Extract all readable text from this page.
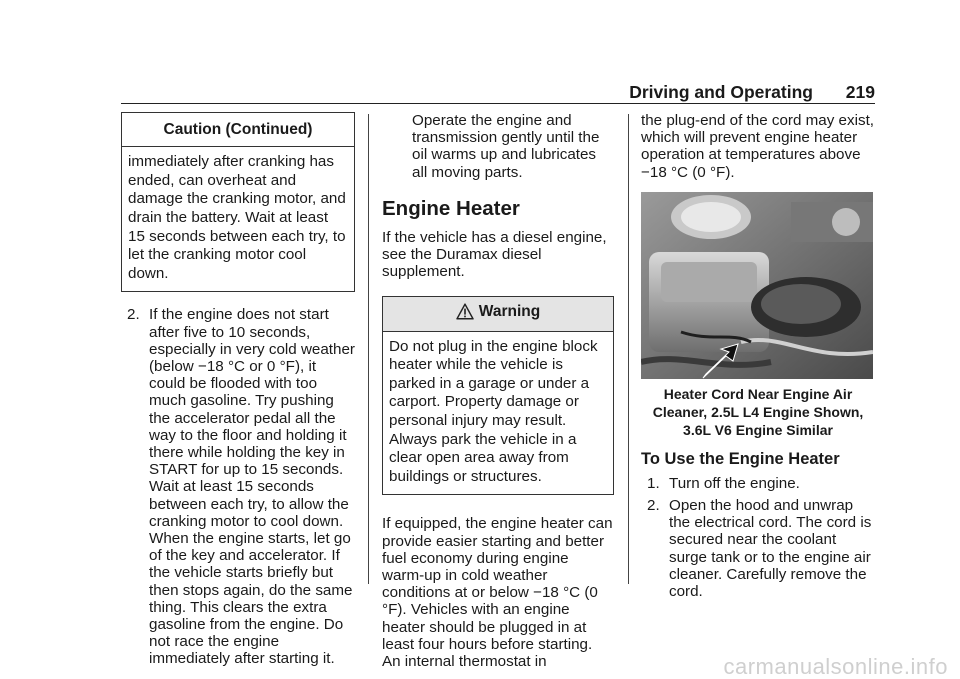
Driving and Operating 219
Caution (Continued)
immediately after cranking has ended, can overheat and damage the cranking motor, and drain the battery. Wait at least 15 seconds between each try, to let the cranking motor cool down.
2. If the engine does not start after five to 10 seconds, especially in very cold weather (below −18 °C or 0 °F), it could be flooded with too much gasoline. Try pushing the accelerator pedal all the way to the floor and holding it there while holding the key in START for up to 15 seconds. Wait at least 15 seconds between each try, to allow the cranking motor to cool down. When the engine starts, let go of the key and accelerator. If the vehicle starts briefly but then stops again, do the same thing. This clears the extra gasoline from the engine. Do not race the engine immediately after starting it.

Operate the engine and transmission gently until the oil warms up and lubricates all moving parts.

Engine Heater

If the vehicle has a diesel engine, see the Duramax diesel supplement.

Warning
Do not plug in the engine block heater while the vehicle is parked in a garage or under a carport. Property damage or personal injury may result. Always park the vehicle in a clear open area away from buildings or structures.

If equipped, the engine heater can provide easier starting and better fuel economy during engine warm-up in cold weather conditions at or below −18 °C (0 °F). Vehicles with an engine heater should be plugged in at least four hours before starting. An internal thermostat in

the plug-end of the cord may exist, which will prevent engine heater operation at temperatures above −18 °C (0 °F).

Heater Cord Near Engine Air Cleaner, 2.5L L4 Engine Shown, 3.6L V6 Engine Similar
To Use the Engine Heater
1. Turn off the engine.

2. Open the hood and unwrap the electrical cord. The cord is secured near the coolant surge tank or to the engine air cleaner. Carefully remove the cord.

carmanualsonline.info
